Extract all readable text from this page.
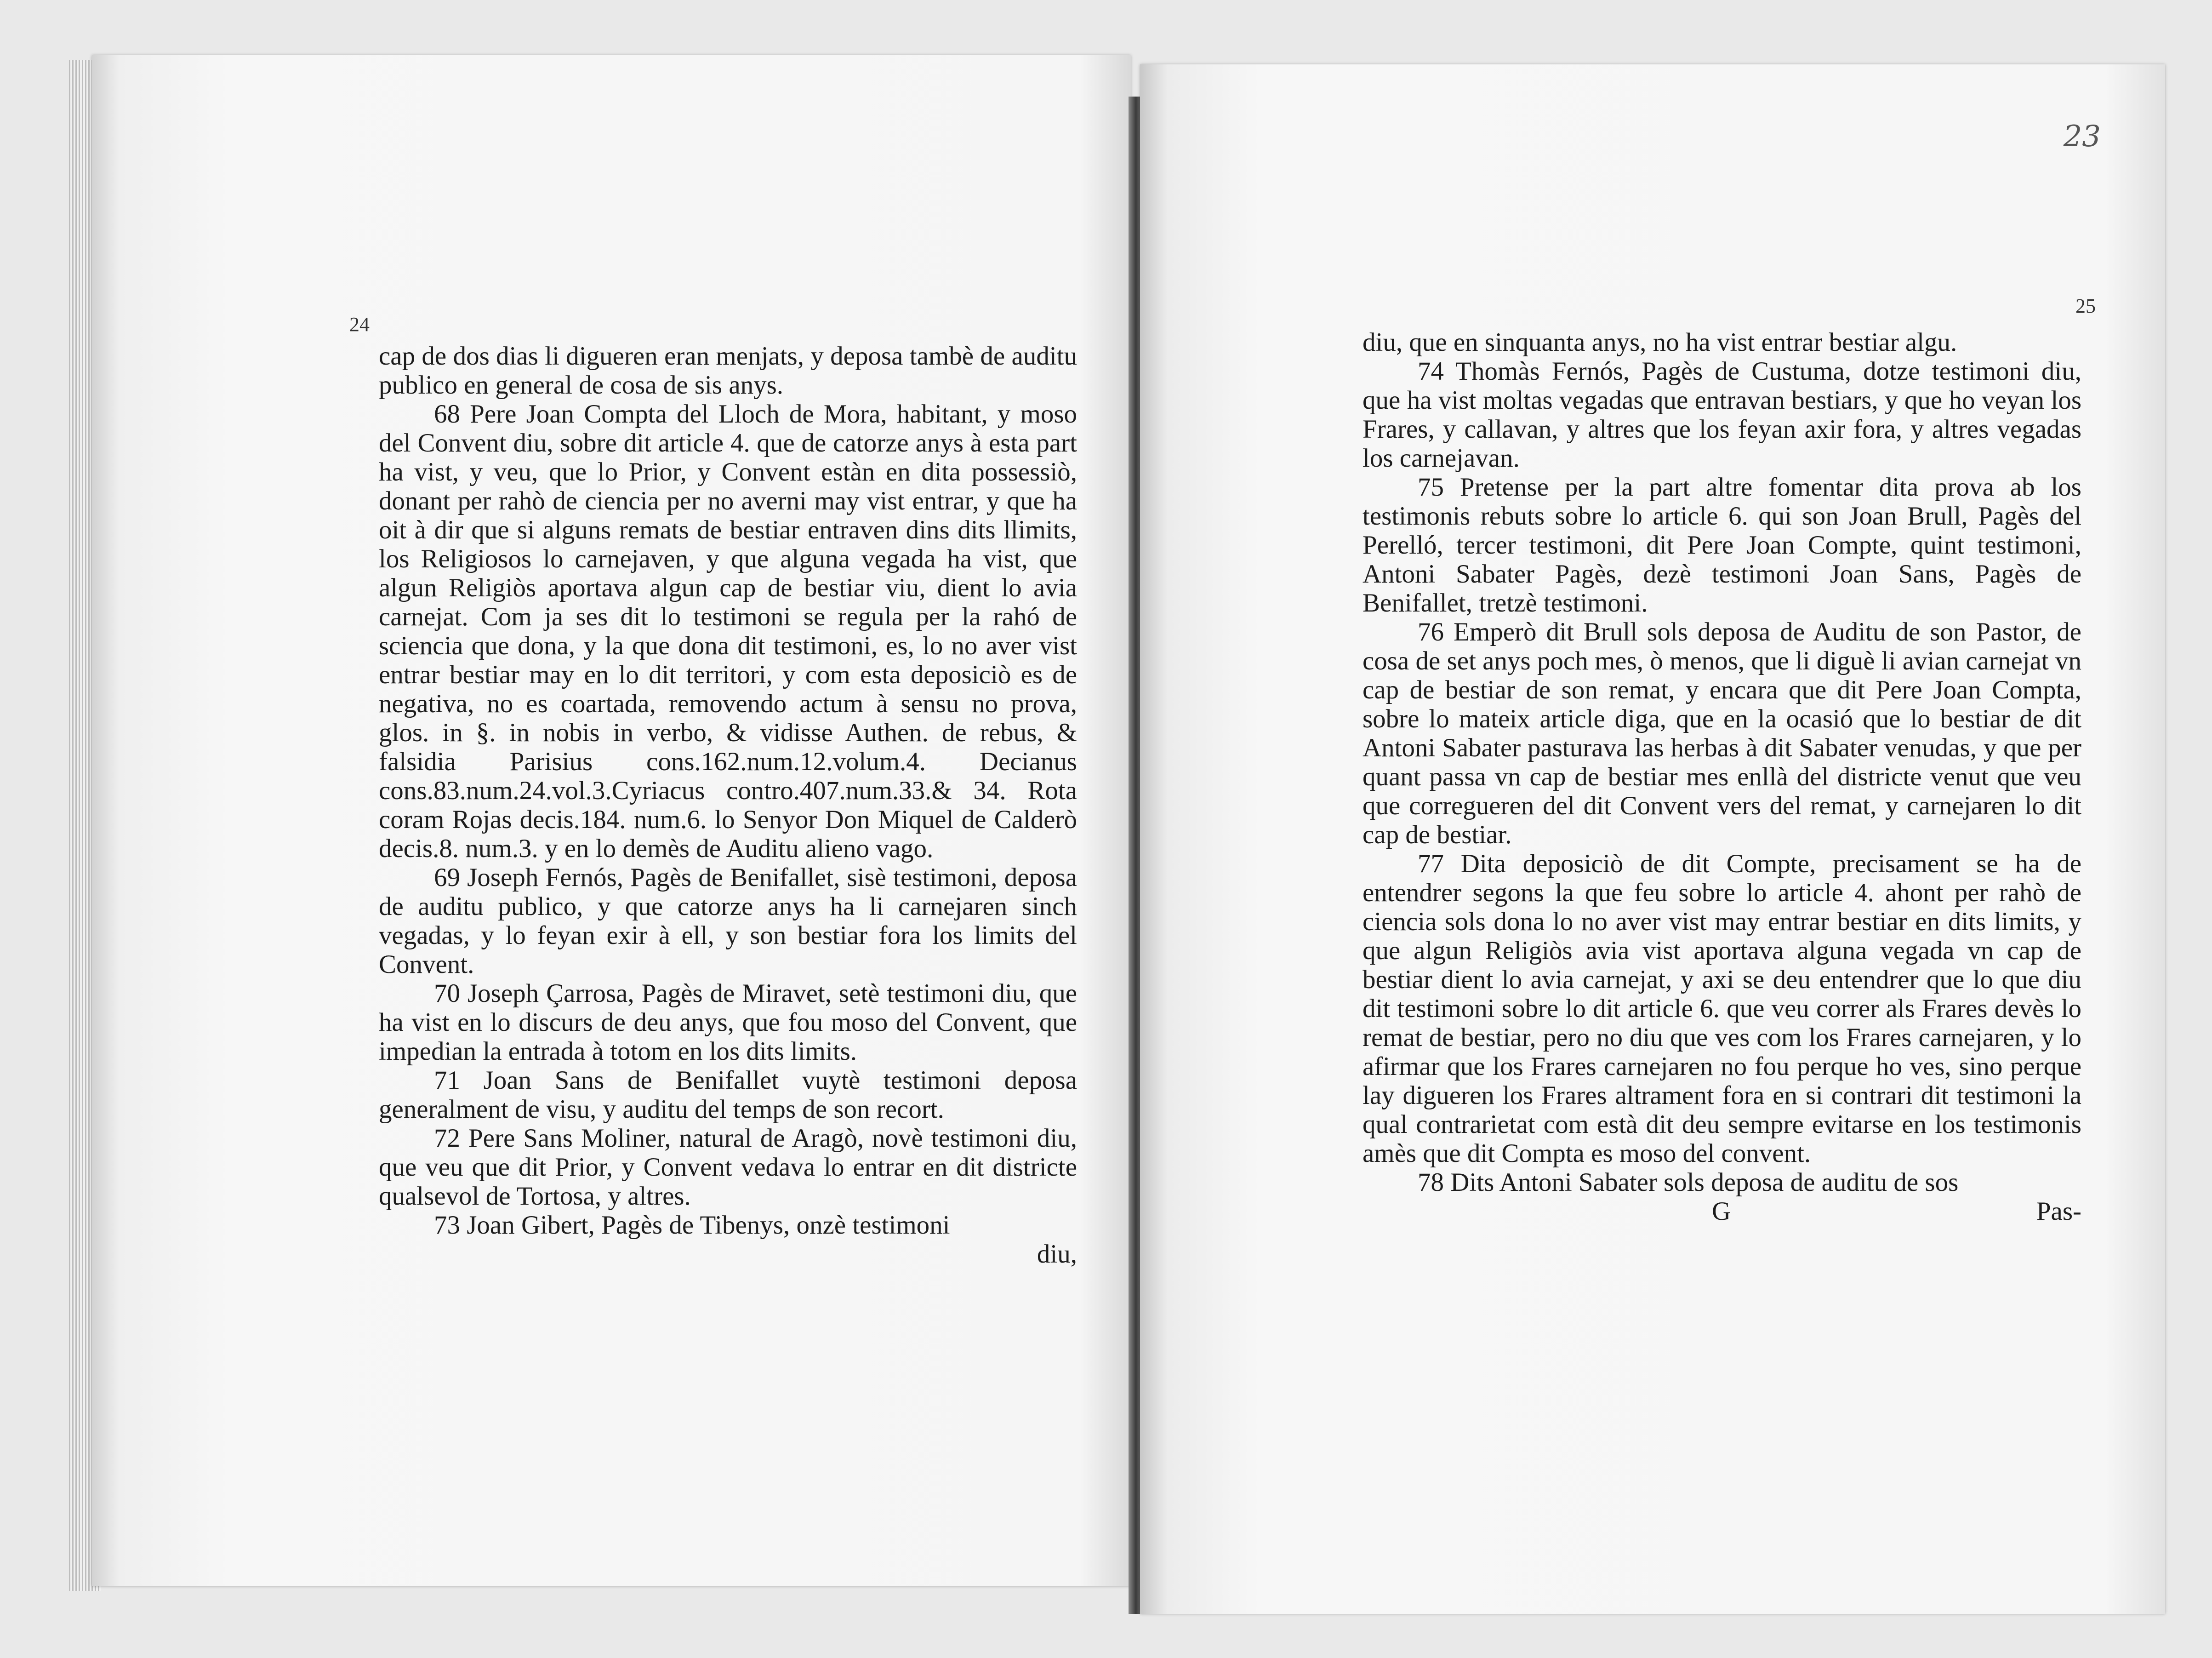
24

cap de dos dias li digueren eran menjats, y deposa tambè de auditu publico en general de cosa de sis anys.

68 Pere Joan Compta del Lloch de Mora, habitant, y moso del Convent diu, sobre dit article 4. que de catorze anys à esta part ha vist, y veu, que lo Prior, y Convent estàn en dita possessiò, donant per rahò de ciencia per no averni may vist entrar, y que ha oit à dir que si alguns remats de bestiar entraven dins dits llimits, los Religiosos lo carnejaven, y que alguna vegada ha vist, que algun Religiòs aportava algun cap de bestiar viu, dient lo avia carnejat. Com ja ses dit lo testimoni se regula per la rahó de sciencia que dona, y la que dona dit testimoni, es, lo no aver vist entrar bestiar may en lo dit territori, y com esta deposiciò es de negativa, no es coartada, removendo actum à sensu no prova, glos. in §. in nobis in verbo, & vidisse Authen. de rebus, & falsidia Parisius cons.162.num.12.volum.4. Decianus cons.83.num.24.vol.3.Cyriacus contro.407.num.33.& 34. Rota coram Rojas decis.184. num.6. lo Senyor Don Miquel de Calderò decis.8. num.3. y en lo demès de Auditu alieno vago.

69 Joseph Fernós, Pagès de Benifallet, sisè testimoni, deposa de auditu publico, y que catorze anys ha li carnejaren sinch vegadas, y lo feyan exir à ell, y son bestiar fora los limits del Convent.

70 Joseph Çarrosa, Pagès de Miravet, setè testimoni diu, que ha vist en lo discurs de deu anys, que fou moso del Convent, que impedian la entrada à totom en los dits limits.

71 Joan Sans de Benifallet vuytè testimoni deposa generalment de visu, y auditu del temps de son recort.

72 Pere Sans Moliner, natural de Aragò, novè testimoni diu, que veu que dit Prior, y Convent vedava lo entrar en dit districte qualsevol de Tortosa, y altres.

73 Joan Gibert, Pagès de Tibenys, onzè testimoni

diu,
23
25

diu, que en sinquanta anys, no ha vist entrar bestiar algu.

74 Thomàs Fernós, Pagès de Custuma, dotze testimoni diu, que ha vist moltas vegadas que entravan bestiars, y que ho veyan los Frares, y callavan, y altres que los feyan axir fora, y altres vegadas los carnejavan.

75 Pretense per la part altre fomentar dita prova ab los testimonis rebuts sobre lo article 6. qui son Joan Brull, Pagès del Perelló, tercer testimoni, dit Pere Joan Compte, quint testimoni, Antoni Sabater Pagès, dezè testimoni Joan Sans, Pagès de Benifallet, tretzè testimoni.

76 Emperò dit Brull sols deposa de Auditu de son Pastor, de cosa de set anys poch mes, ò menos, que li diguè li avian carnejat vn cap de bestiar de son remat, y encara que dit Pere Joan Compta, sobre lo mateix article diga, que en la ocasió que lo bestiar de dit Antoni Sabater pasturava las herbas à dit Sabater venudas, y que per quant passa vn cap de bestiar mes enllà del districte venut que veu que corregueren del dit Convent vers del remat, y carnejaren lo dit cap de bestiar.

77 Dita deposiciò de dit Compte, precisament se ha de entendrer segons la que feu sobre lo article 4. ahont per rahò de ciencia sols dona lo no aver vist may entrar bestiar en dits limits, y que algun Religiòs avia vist aportava alguna vegada vn cap de bestiar dient lo avia carnejat, y axi se deu entendrer que lo que diu dit testimoni sobre lo dit article 6. que veu correr als Frares devès lo remat de bestiar, pero no diu que ves com los Frares carnejaren, y lo afirmar que los Frares carnejaren no fou perque ho ves, sino perque lay digueren los Frares altrament fora en si contrari dit testimoni la qual contrarietat com està dit deu sempre evitarse en los testimonis amès que dit Compta es moso del convent.

78 Dits Antoni Sabater sols deposa de auditu de sos

G	Pas-
